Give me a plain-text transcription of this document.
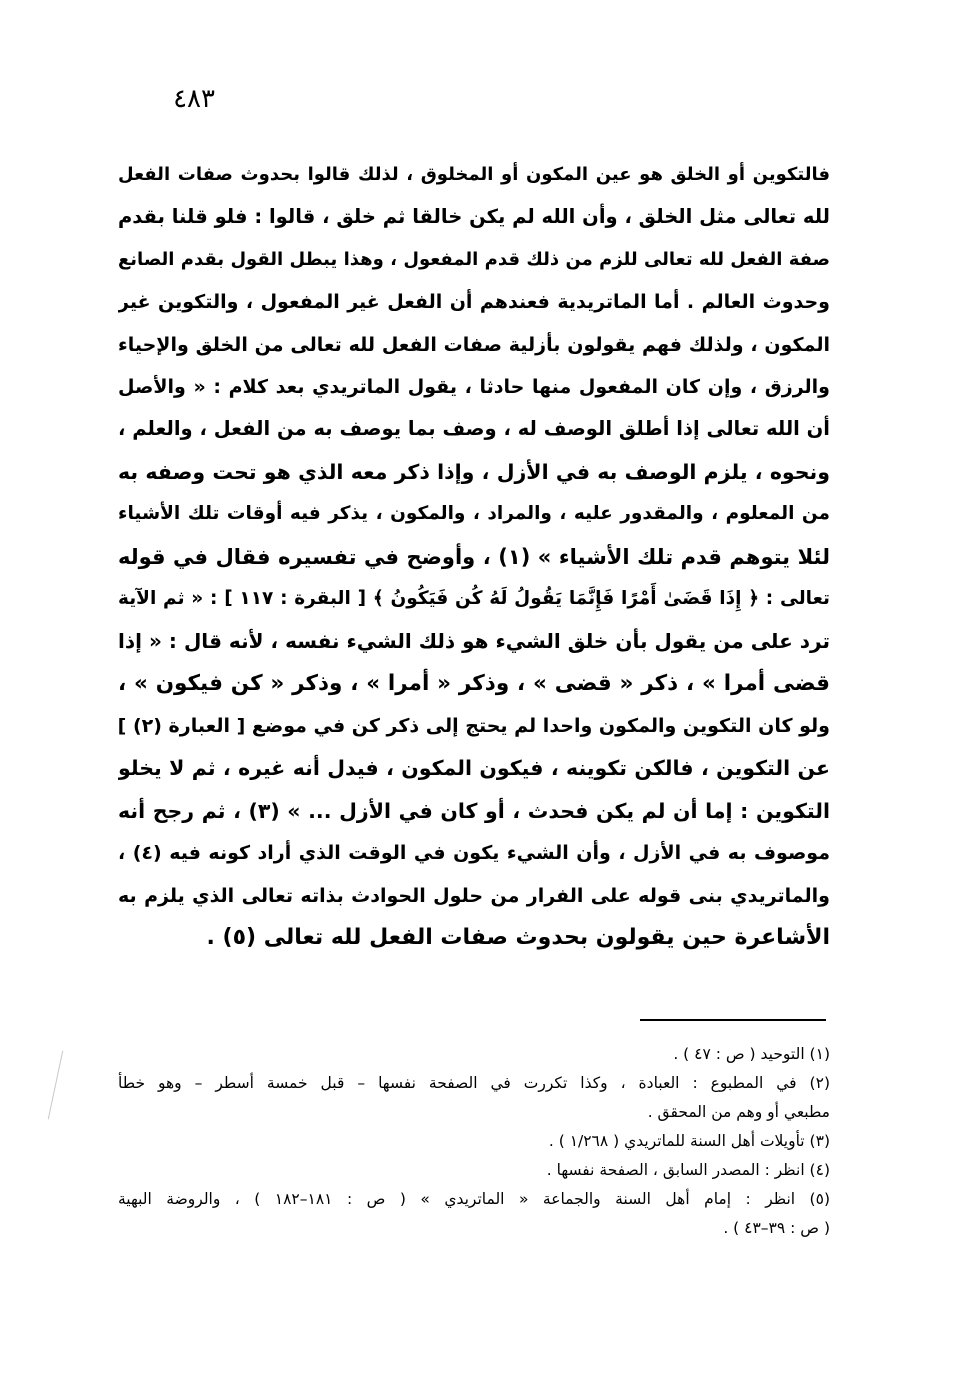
٤٨٣
فالتكوين أو الخلق هو عين المكون أو المخلوق ، لذلك قالوا بحدوث صفات الفعل
لله تعالى مثل الخلق ، وأن الله لم يكن خالقا ثم خلق ، قالوا : فلو قلنا بقدم
صفة الفعل لله تعالى للزم من ذلك قدم المفعول ، وهذا يبطل القول بقدم الصانع
وحدوث العالم . أما الماتريدية فعندهم أن الفعل غير المفعول ، والتكوين غير
المكون ، ولذلك فهم يقولون بأزلية صفات الفعل لله تعالى من الخلق والإحياء
والرزق ، وإن كان المفعول منها حادثا ، يقول الماتريدي بعد كلام : « والأصل
أن الله تعالى إذا أطلق الوصف له ، وصف بما يوصف به من الفعل ، والعلم ،
ونحوه ، يلزم الوصف به في الأزل ، وإذا ذكر معه الذي هو تحت وصفه به
من المعلوم ، والمقدور عليه ، والمراد ، والمكون ، يذكر فيه أوقات تلك الأشياء
لئلا يتوهم قدم تلك الأشياء » (١) ، وأوضح في تفسيره فقال في قوله
تعالى : ﴿ إِذَا قَضَىٰ أَمْرًا فَإِنَّمَا يَقُولُ لَهُ كُن فَيَكُونُ ﴾ [ البقرة : ١١٧ ] : « ثم الآية
ترد على من يقول بأن خلق الشيء هو ذلك الشيء نفسه ، لأنه قال : « إذا
قضى أمرا » ، ذكر « قضى » ، وذكر « أمرا » ، وذكر « كن فيكون » ،
ولو كان التكوين والمكون واحدا لم يحتج إلى ذكر كن في موضع [ العبارة (٢) ]
عن التكوين ، فالكن تكوينه ، فيكون المكون ، فيدل أنه غيره ، ثم لا يخلو
التكوين : إما أن لم يكن فحدث ، أو كان في الأزل ... » (٣) ، ثم رجح أنه
موصوف به في الأزل ، وأن الشيء يكون في الوقت الذي أراد كونه فيه (٤) ،
والماتريدي بنى قوله على الفرار من حلول الحوادث بذاته تعالى الذي يلزم به
الأشاعرة حين يقولون بحدوث صفات الفعل لله تعالى (٥) .
(١) التوحيد ( ص : ٤٧ ) .
(٢) في المطبوع : العبادة ، وكذا تكررت في الصفحة نفسها – قبل خمسة أسطر – وهو خطأ
مطبعي أو وهم من المحقق .
(٣) تأويلات أهل السنة للماتريدي ( ١/٢٦٨ ) .
(٤) انظر : المصدر السابق ، الصفحة نفسها .
(٥) انظر : إمام أهل السنة والجماعة « الماتريدي » ( ص : ١٨١–١٨٢ ) ، والروضة البهية
( ص : ٣٩–٤٣ ) .
